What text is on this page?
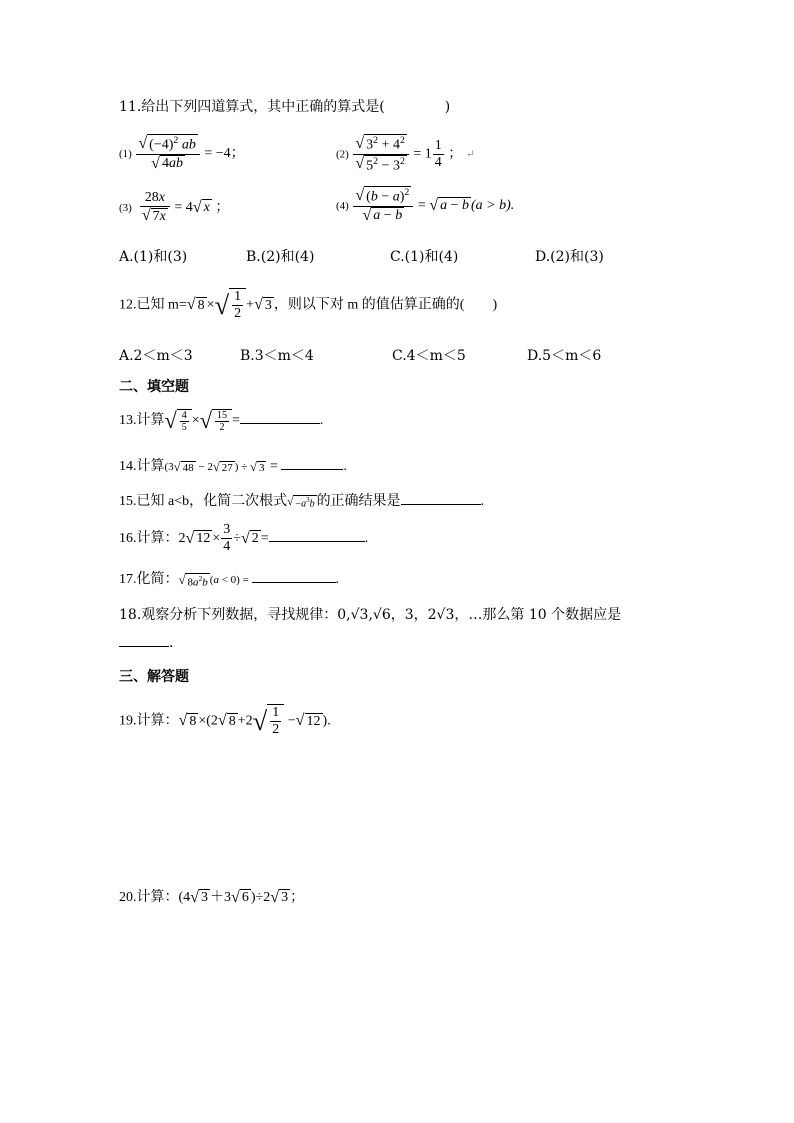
11.给出下列四道算式，其中正确的算式是(	)
$(1) \frac{√ (-4)^2 ab}{√ 4ab} = -4$；	$(2) \frac{√ 3^2 + 4^2}{√ 5^2 - 3^2} = 1 \frac{1}{4}$ ； ↵
$(3) \frac{28x}{√ 7x} = 4√$ x ；	$(4) \frac{√ (b - a)^2}{√ a - b}$ = √ a − b (a > b).
A.(1)和(3)	B.(2)和(4)	C.(1)和(4)	D.(2)和(3)
12.已知 m=√ 8 ×√ $\frac{1}{2}$ +√ 3 ，则以下对 m 的值估算正确的(　　)
A.2＜m＜3	B.3＜m＜4	C.4＜m＜5	D.5＜m＜6
二、填空题
13.计算√ $\frac{4}{5}$ ×√ $\frac{15}{2}$ =	.
14.计算(3√ 48 − 2√ 27 ) ÷ √ 3 =	.
15.已知 a<b，化简二次根式√ $-a^3b$ 的正确结果是	.
16.计算：2√ $12 \times \frac{3}{4}$ ÷√ 2 =	.
17.化简：√ $8a^2b$ (a < 0) =	.
18.观察分析下列数据，寻找规律：0,√3,√6，3，2√3，…那么第 10 个数据应是
.
三、解答题
19.计算：√ 8 ×(2√ $8 +2√ \frac{1}{2}$ −√ 12 ).
20.计算：(4√ 3 ＋3√ 6 )÷2√ 3 ；
